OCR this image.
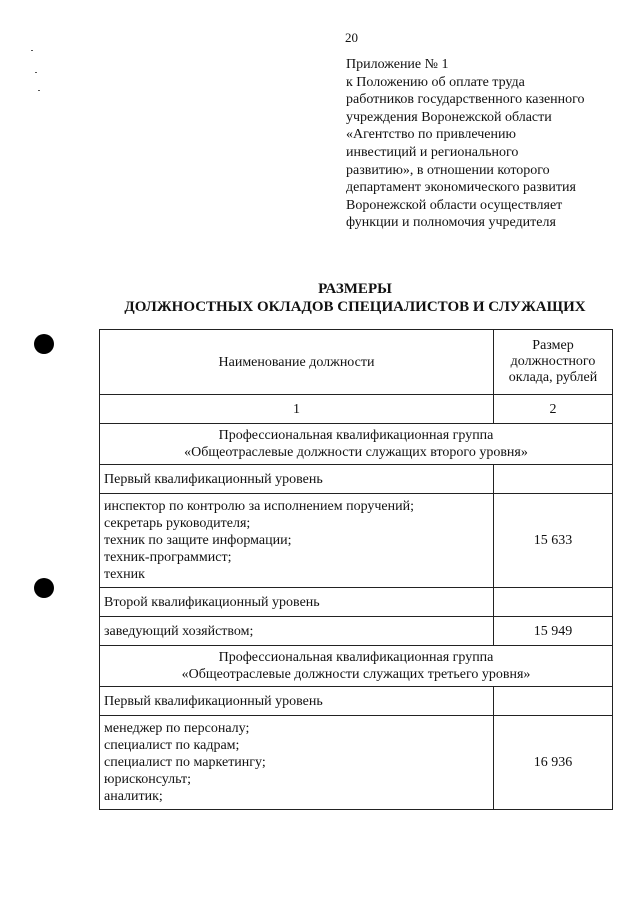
20
Приложение № 1
к Положению об оплате труда
работников государственного казенного
учреждения Воронежской области
«Агентство по привлечению
инвестиций и регионального
развитию», в отношении которого
департамент экономического развития
Воронежской области осуществляет
функции и полномочия учредителя
РАЗМЕРЫ
ДОЛЖНОСТНЫХ ОКЛАДОВ СПЕЦИАЛИСТОВ И СЛУЖАЩИХ
Наименование должности	Размер
должностного
оклада, рублей

1	2

Профессиональная квалификационная группа
«Общеотраслевые должности служащих второго уровня»	

Первый квалификационный уровень	

инспектор по контролю за исполнением поручений;
секретарь руководителя;
техник по защите информации;
техник-программист;
техник	15 633
Второй квалификационный уровень	
заведующий хозяйством;	15 949

Профессиональная квалификационная группа
«Общеотраслевые должности служащих третьего уровня»	

Первый квалификационный уровень	

менеджер по персоналу;
специалист по кадрам;
специалист по маркетингу;
юрисконсульт;
аналитик;	16 936
